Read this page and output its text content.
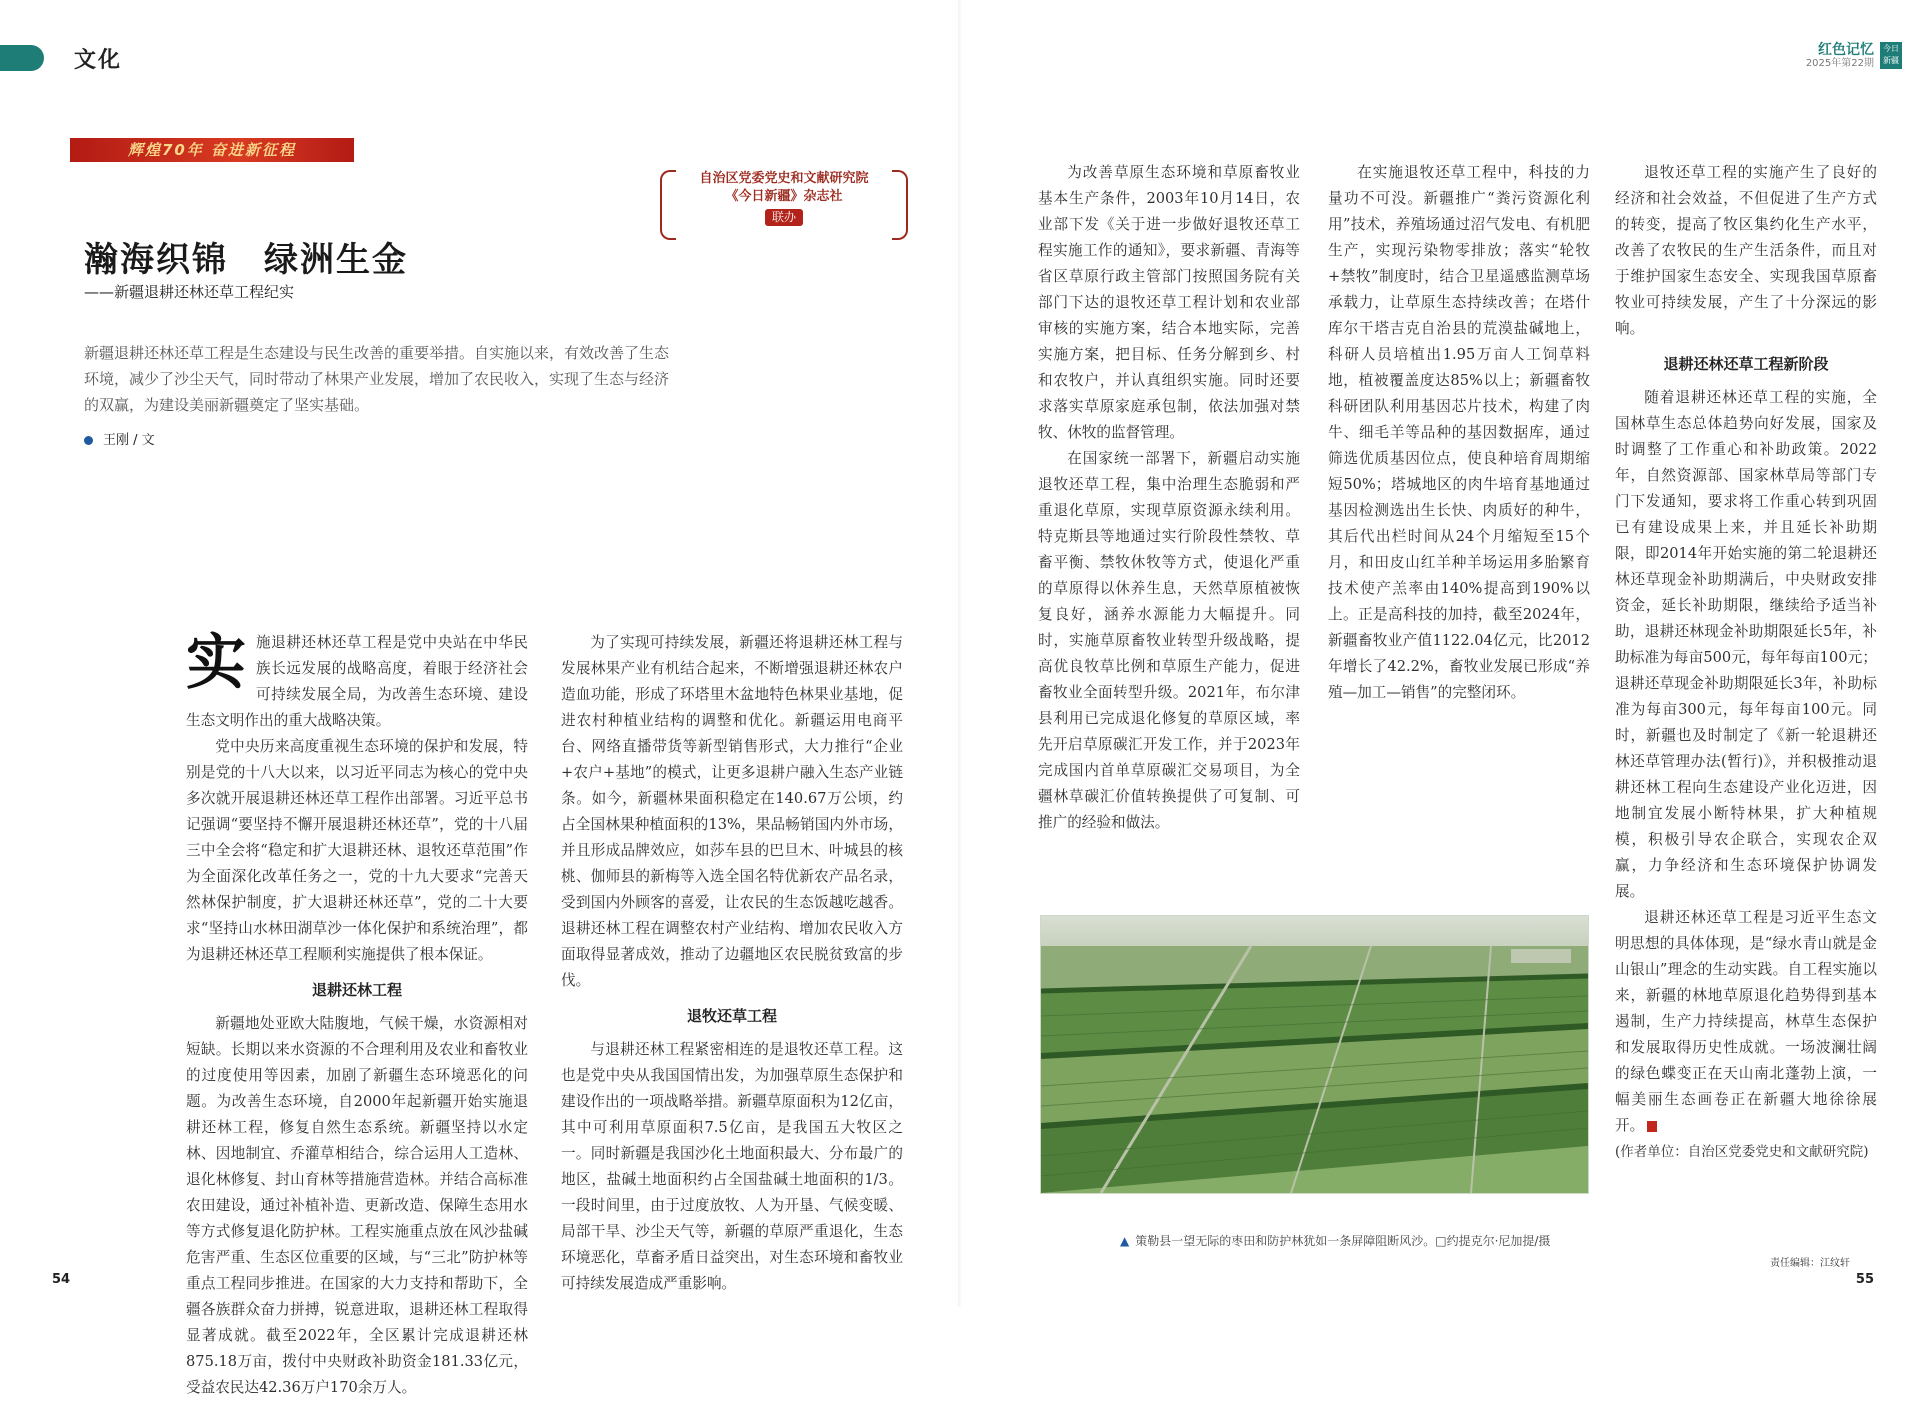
文化	红色记忆
2025年第22期
今日新疆
辉煌70年 奋进新征程
自治区党委党史和文献研究院
《今日新疆》杂志社
联办
瀚海织锦　绿洲生金
——新疆退耕还林还草工程纪实
新疆退耕还林还草工程是生态建设与民生改善的重要举措。自实施以来，有效改善了生态环境，减少了沙尘天气，同时带动了林果产业发展，增加了农民收入，实现了生态与经济的双赢，为建设美丽新疆奠定了坚实基础。
王刚 / 文
实 施退耕还林还草工程是党中央站在中华民族长远发展的战略高度，着眼于经济社会可持续发展全局，为改善生态环境、建设生态文明作出的重大战略决策。

党中央历来高度重视生态环境的保护和发展，特别是党的十八大以来，以习近平同志为核心的党中央多次就开展退耕还林还草工程作出部署。习近平总书记强调“要坚持不懈开展退耕还林还草”，党的十八届三中全会将“稳定和扩大退耕还林、退牧还草范围”作为全面深化改革任务之一，党的十九大要求“完善天然林保护制度，扩大退耕还林还草”，党的二十大要求“坚持山水林田湖草沙一体化保护和系统治理”，都为退耕还林还草工程顺利实施提供了根本保证。

退耕还林工程

新疆地处亚欧大陆腹地，气候干燥，水资源相对短缺。长期以来水资源的不合理利用及农业和畜牧业的过度使用等因素，加剧了新疆生态环境恶化的问题。为改善生态环境，自2000年起新疆开始实施退耕还林工程，修复自然生态系统。新疆坚持以水定林、因地制宜、乔灌草相结合，综合运用人工造林、退化林修复、封山育林等措施营造林。并结合高标准农田建设，通过补植补造、更新改造、保障生态用水等方式修复退化防护林。工程实施重点放在风沙盐碱危害严重、生态区位重要的区域，与“三北”防护林等重点工程同步推进。在国家的大力支持和帮助下，全疆各族群众奋力拼搏，锐意进取，退耕还林工程取得显著成就。截至2022年，全区累计完成退耕还林875.18万亩，拨付中央财政补助资金181.33亿元，受益农民达42.36万户170余万人。

为了实现可持续发展，新疆还将退耕还林工程与发展林果产业有机结合起来，不断增强退耕还林农户造血功能，形成了环塔里木盆地特色林果业基地，促进农村种植业结构的调整和优化。新疆运用电商平台、网络直播带货等新型销售形式，大力推行“企业+农户+基地”的模式，让更多退耕户融入生态产业链条。如今，新疆林果面积稳定在140.67万公顷，约占全国林果种植面积的13%，果品畅销国内外市场，并且形成品牌效应，如莎车县的巴旦木、叶城县的核桃、伽师县的新梅等入选全国名特优新农产品名录，受到国内外顾客的喜爱，让农民的生态饭越吃越香。退耕还林工程在调整农村产业结构、增加农民收入方面取得显著成效，推动了边疆地区农民脱贫致富的步伐。

退牧还草工程

与退耕还林工程紧密相连的是退牧还草工程。这也是党中央从我国国情出发，为加强草原生态保护和建设作出的一项战略举措。新疆草原面积为12亿亩，其中可利用草原面积7.5亿亩，是我国五大牧区之一。同时新疆是我国沙化土地面积最大、分布最广的地区，盐碱土地面积约占全国盐碱土地面积的1/3。一段时间里，由于过度放牧、人为开垦、气候变暖、局部干旱、沙尘天气等，新疆的草原严重退化，生态环境恶化，草畜矛盾日益突出，对生态环境和畜牧业可持续发展造成严重影响。

为改善草原生态环境和草原畜牧业基本生产条件，2003年10月14日，农业部下发《关于进一步做好退牧还草工程实施工作的通知》，要求新疆、青海等省区草原行政主管部门按照国务院有关部门下达的退牧还草工程计划和农业部审核的实施方案，结合本地实际，完善实施方案，把目标、任务分解到乡、村和农牧户，并认真组织实施。同时还要求落实草原家庭承包制，依法加强对禁牧、休牧的监督管理。

在国家统一部署下，新疆启动实施退牧还草工程，集中治理生态脆弱和严重退化草原，实现草原资源永续利用。特克斯县等地通过实行阶段性禁牧、草畜平衡、禁牧休牧等方式，使退化严重的草原得以休养生息，天然草原植被恢复良好，涵养水源能力大幅提升。同时，实施草原畜牧业转型升级战略，提高优良牧草比例和草原生产能力，促进畜牧业全面转型升级。2021年，布尔津县利用已完成退化修复的草原区域，率先开启草原碳汇开发工作，并于2023年完成国内首单草原碳汇交易项目，为全疆林草碳汇价值转换提供了可复制、可推广的经验和做法。

在实施退牧还草工程中，科技的力量功不可没。新疆推广“粪污资源化利用”技术，养殖场通过沼气发电、有机肥生产，实现污染物零排放；落实“轮牧+禁牧”制度时，结合卫星遥感监测草场承载力，让草原生态持续改善；在塔什库尔干塔吉克自治县的荒漠盐碱地上，科研人员培植出1.95万亩人工饲草料地，植被覆盖度达85%以上；新疆畜牧科研团队利用基因芯片技术，构建了肉牛、细毛羊等品种的基因数据库，通过筛选优质基因位点，使良种培育周期缩短50%；塔城地区的肉牛培育基地通过基因检测选出生长快、肉质好的种牛，其后代出栏时间从24个月缩短至15个月，和田皮山红羊种羊场运用多胎繁育技术使产羔率由140%提高到190%以上。正是高科技的加持，截至2024年，新疆畜牧业产值1122.04亿元，比2012年增长了42.2%，畜牧业发展已形成“养殖—加工—销售”的完整闭环。

退牧还草工程的实施产生了良好的经济和社会效益，不但促进了生产方式的转变，提高了牧区集约化生产水平，改善了农牧民的生产生活条件，而且对于维护国家生态安全、实现我国草原畜牧业可持续发展，产生了十分深远的影响。

退耕还林还草工程新阶段

随着退耕还林还草工程的实施，全国林草生态总体趋势向好发展，国家及时调整了工作重心和补助政策。2022年，自然资源部、国家林草局等部门专门下发通知，要求将工作重心转到巩固已有建设成果上来，并且延长补助期限，即2014年开始实施的第二轮退耕还林还草现金补助期满后，中央财政安排资金，延长补助期限，继续给予适当补助，退耕还林现金补助期限延长5年，补助标准为每亩500元，每年每亩100元；退耕还草现金补助期限延长3年，补助标准为每亩300元，每年每亩100元。同时，新疆也及时制定了《新一轮退耕还林还草管理办法(暂行)》，并积极推动退耕还林工程向生态建设产业化迈进，因地制宜发展小断特林果，扩大种植规模，积极引导农企联合，实现农企双赢，力争经济和生态环境保护协调发展。

退耕还林还草工程是习近平生态文明思想的具体体现，是“绿水青山就是金山银山”理念的生动实践。自工程实施以来，新疆的林地草原退化趋势得到基本遏制，生产力持续提高，林草生态保护和发展取得历史性成就。一场波澜壮阔的绿色蝶变正在天山南北蓬勃上演，一幅美丽生态画卷正在新疆大地徐徐展开。

(作者单位：自治区党委党史和文献研究院)
▲ 策勒县一望无际的枣田和防护林犹如一条屏障阻断风沙。□约提克尔·尼加提/摄
54	55
责任编辑：江纹轩
